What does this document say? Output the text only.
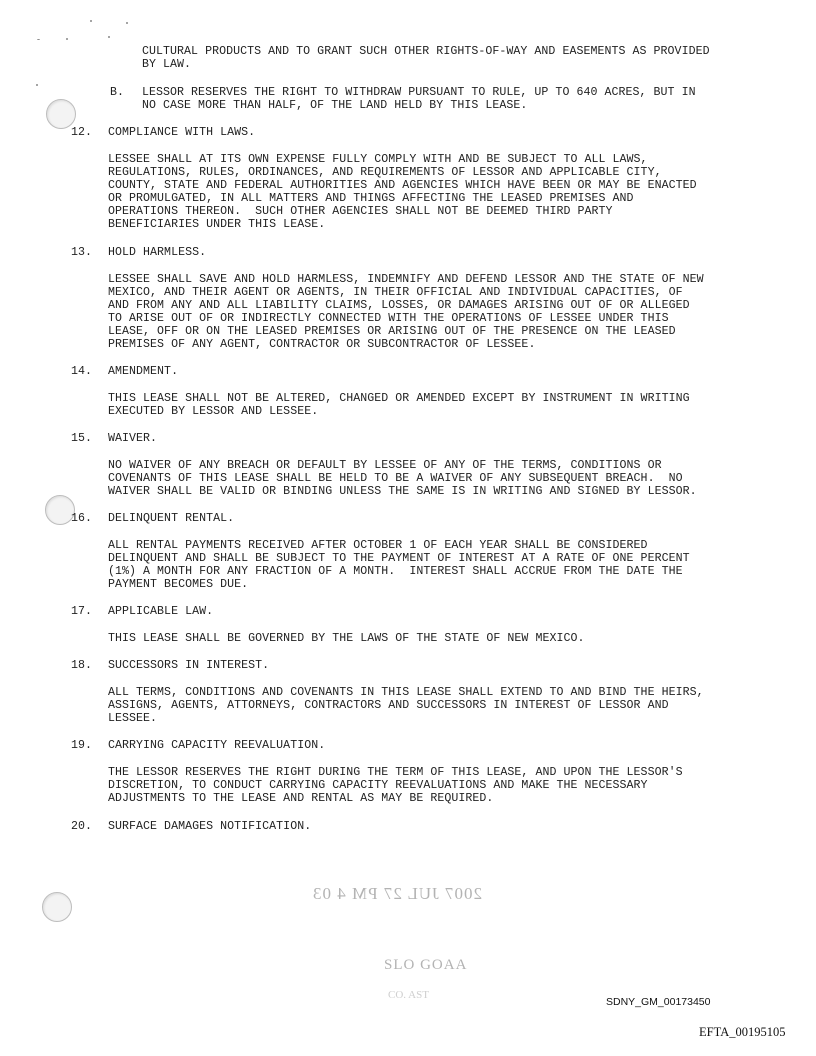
CULTURAL PRODUCTS AND TO GRANT SUCH OTHER RIGHTS-OF-WAY AND EASEMENTS AS PROVIDED
BY LAW.
B. LESSOR RESERVES THE RIGHT TO WITHDRAW PURSUANT TO RULE, UP TO 640 ACRES, BUT IN
NO CASE MORE THAN HALF, OF THE LAND HELD BY THIS LEASE.
12. COMPLIANCE WITH LAWS.
LESSEE SHALL AT ITS OWN EXPENSE FULLY COMPLY WITH AND BE SUBJECT TO ALL LAWS,
REGULATIONS, RULES, ORDINANCES, AND REQUIREMENTS OF LESSOR AND APPLICABLE CITY,
COUNTY, STATE AND FEDERAL AUTHORITIES AND AGENCIES WHICH HAVE BEEN OR MAY BE ENACTED
OR PROMULGATED, IN ALL MATTERS AND THINGS AFFECTING THE LEASED PREMISES AND
OPERATIONS THEREON.  SUCH OTHER AGENCIES SHALL NOT BE DEEMED THIRD PARTY
BENEFICIARIES UNDER THIS LEASE.
13. HOLD HARMLESS.
LESSEE SHALL SAVE AND HOLD HARMLESS, INDEMNIFY AND DEFEND LESSOR AND THE STATE OF NEW
MEXICO, AND THEIR AGENT OR AGENTS, IN THEIR OFFICIAL AND INDIVIDUAL CAPACITIES, OF
AND FROM ANY AND ALL LIABILITY CLAIMS, LOSSES, OR DAMAGES ARISING OUT OF OR ALLEGED
TO ARISE OUT OF OR INDIRECTLY CONNECTED WITH THE OPERATIONS OF LESSEE UNDER THIS
LEASE, OFF OR ON THE LEASED PREMISES OR ARISING OUT OF THE PRESENCE ON THE LEASED
PREMISES OF ANY AGENT, CONTRACTOR OR SUBCONTRACTOR OF LESSEE.
14. AMENDMENT.
THIS LEASE SHALL NOT BE ALTERED, CHANGED OR AMENDED EXCEPT BY INSTRUMENT IN WRITING
EXECUTED BY LESSOR AND LESSEE.
15. WAIVER.
NO WAIVER OF ANY BREACH OR DEFAULT BY LESSEE OF ANY OF THE TERMS, CONDITIONS OR
COVENANTS OF THIS LEASE SHALL BE HELD TO BE A WAIVER OF ANY SUBSEQUENT BREACH.  NO
WAIVER SHALL BE VALID OR BINDING UNLESS THE SAME IS IN WRITING AND SIGNED BY LESSOR.
16. DELINQUENT RENTAL.
ALL RENTAL PAYMENTS RECEIVED AFTER OCTOBER 1 OF EACH YEAR SHALL BE CONSIDERED
DELINQUENT AND SHALL BE SUBJECT TO THE PAYMENT OF INTEREST AT A RATE OF ONE PERCENT
(1%) A MONTH FOR ANY FRACTION OF A MONTH.  INTEREST SHALL ACCRUE FROM THE DATE THE
PAYMENT BECOMES DUE.
17. APPLICABLE LAW.
THIS LEASE SHALL BE GOVERNED BY THE LAWS OF THE STATE OF NEW MEXICO.
18. SUCCESSORS IN INTEREST.
ALL TERMS, CONDITIONS AND COVENANTS IN THIS LEASE SHALL EXTEND TO AND BIND THE HEIRS,
ASSIGNS, AGENTS, ATTORNEYS, CONTRACTORS AND SUCCESSORS IN INTEREST OF LESSOR AND
LESSEE.
19. CARRYING CAPACITY REEVALUATION.
THE LESSOR RESERVES THE RIGHT DURING THE TERM OF THIS LEASE, AND UPON THE LESSOR'S
DISCRETION, TO CONDUCT CARRYING CAPACITY REEVALUATIONS AND MAKE THE NECESSARY
ADJUSTMENTS TO THE LEASE AND RENTAL AS MAY BE REQUIRED.
20. SURFACE DAMAGES NOTIFICATION.
2007 JUL 27 PM 4 03
SLO GOAA
CO. AST
SDNY_GM_00173450
EFTA_00195105
